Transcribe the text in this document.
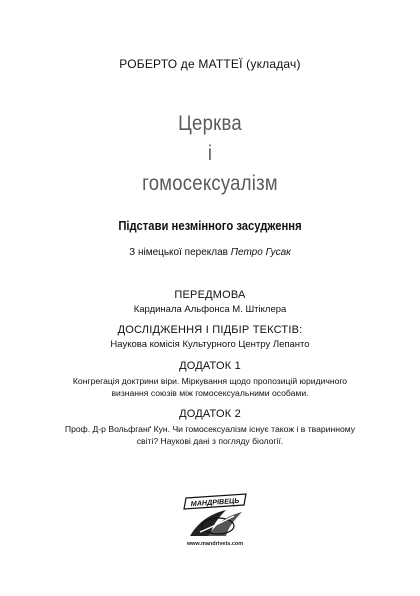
РОБЕРТО де МАТТЕЇ (укладач)
Церква
і
гомосексуалізм
Підстави незмінного засудження
З німецької переклав Петро Гусак
ПЕРЕДМОВА
Кардинала Альфонса М. Штіклера
ДОСЛІДЖЕННЯ І ПІДБІР ТЕКСТІВ:
Наукова комісія Культурного Центру Лепанто
ДОДАТОК 1
Конгрегація доктрини віри. Міркування щодо пропозицій юридичного
визнання союзів між гомосексуальними особами.
ДОДАТОК 2
Проф. Д-р Вольфганґ Кун. Чи гомосексуалізм існує також і в тваринному
світі? Наукові дані з погляду біології.
МАНДРІВЕЦЬ
www.mandrivets.com
